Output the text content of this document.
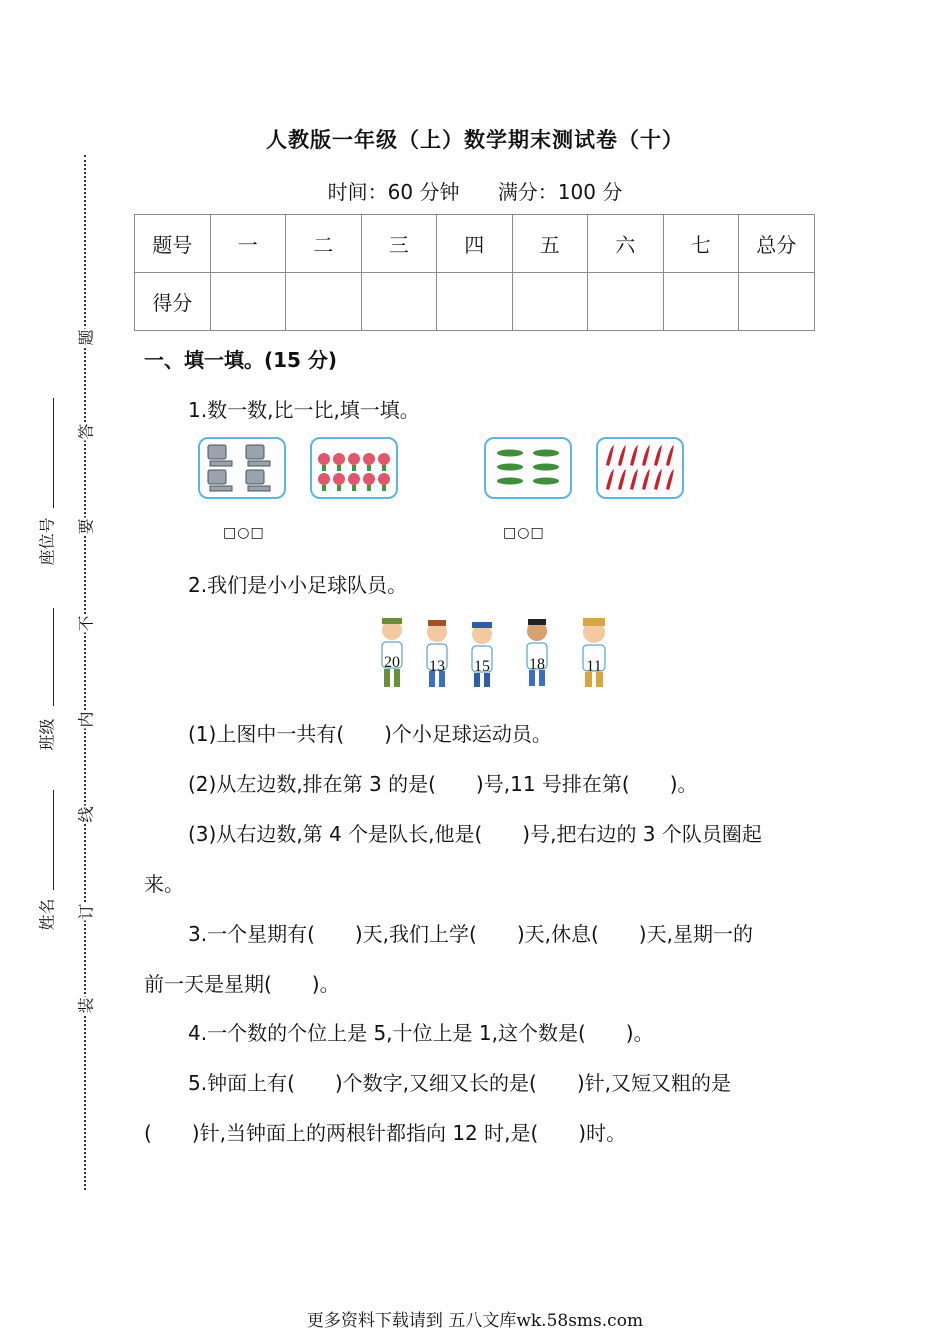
题
答
要
不
内
线
订
装
座位号
班级
姓名
人教版一年级（上）数学期末测试卷（十）
时间：60 分钟 满分：100 分
题号	一	二	三	四	五	六	七	总分
得分								
一、填一填。(15 分)
1.数一数,比一比,填一填。
□○□	□○□
2.我们是小小足球队员。
20 13 15 18	11
(1)上图中一共有(　　)个小足球运动员。
(2)从左边数,排在第 3 的是(　　)号,11 号排在第(　　)。
(3)从右边数,第 4 个是队长,他是(　　)号,把右边的 3 个队员圈起
来。
3.一个星期有(　　)天,我们上学(　　)天,休息(　　)天,星期一的
前一天是星期(　　)。
4.一个数的个位上是 5,十位上是 1,这个数是(　　)。
5.钟面上有(　　)个数字,又细又长的是(　　)针,又短又粗的是
(　　)针,当钟面上的两根针都指向 12 时,是(　　)时。
更多资料下载请到 五八文库wk.58sms.com
